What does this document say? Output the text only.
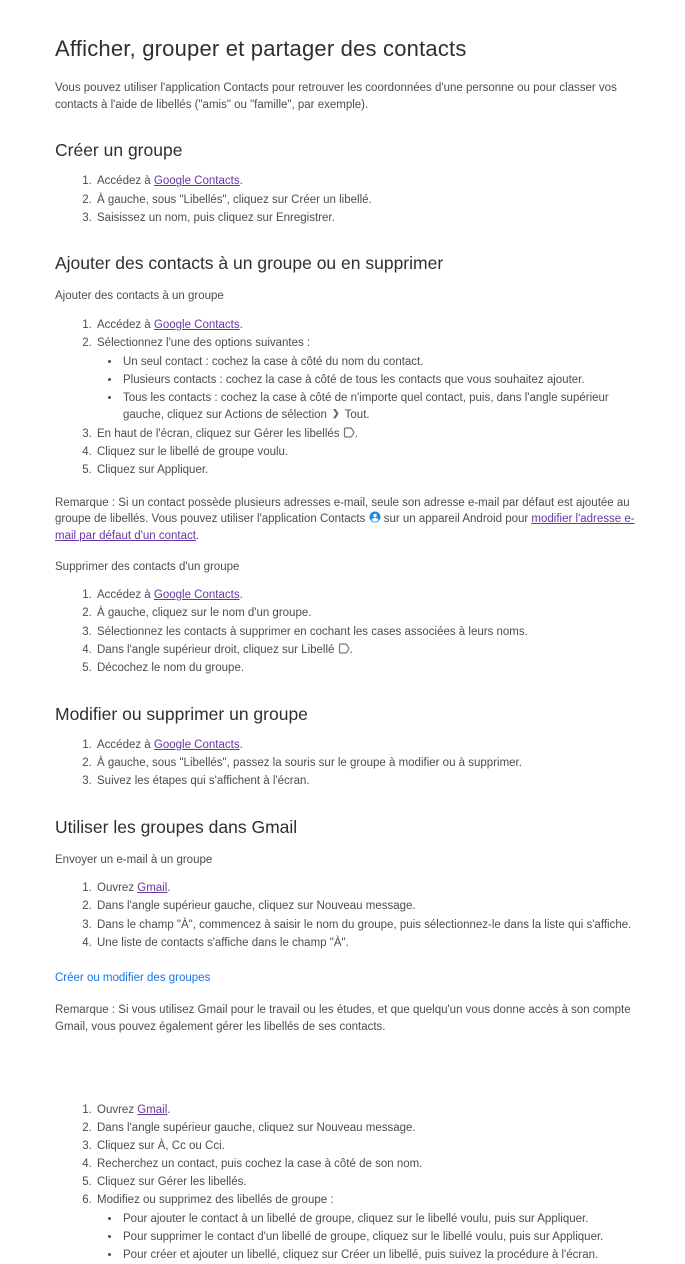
Afficher, grouper et partager des contacts

Vous pouvez utiliser l'application Contacts pour retrouver les coordonnées d'une personne ou pour classer vos contacts à l'aide de libellés ("amis" ou "famille", par exemple).

Créer un groupe
1. Accédez à Google Contacts.
2. À gauche, sous "Libellés", cliquez sur Créer un libellé.
3. Saisissez un nom, puis cliquez sur Enregistrer.
Ajouter des contacts à un groupe ou en supprimer

Ajouter des contacts à un groupe

1. Accédez à Google Contacts.
2. Sélectionnez l'une des options suivantes :
• Un seul contact : cochez la case à côté du nom du contact.
• Plusieurs contacts : cochez la case à côté de tous les contacts que vous souhaitez ajouter.
• Tous les contacts : cochez la case à côté de n'importe quel contact, puis, dans l'angle supérieur gauche, cliquez sur Actions de sélection ❯ Tout.
3. En haut de l'écran, cliquez sur Gérer les libellés .
4. Cliquez sur le libellé de groupe voulu.
5. Cliquez sur Appliquer.

Remarque : Si un contact possède plusieurs adresses e-mail, seule son adresse e-mail par défaut est ajoutée au groupe de libellés. Vous pouvez utiliser l'application Contacts  sur un appareil Android pour modifier l'adresse e-mail par défaut d'un contact.

Supprimer des contacts d'un groupe

1. Accédez à Google Contacts.
2. À gauche, cliquez sur le nom d'un groupe.
3. Sélectionnez les contacts à supprimer en cochant les cases associées à leurs noms.
4. Dans l'angle supérieur droit, cliquez sur Libellé .
5. Décochez le nom du groupe.
Modifier ou supprimer un groupe
1. Accédez à Google Contacts.
2. À gauche, sous "Libellés", passez la souris sur le groupe à modifier ou à supprimer.
3. Suivez les étapes qui s'affichent à l'écran.
Utiliser les groupes dans Gmail

Envoyer un e-mail à un groupe

1. Ouvrez Gmail.
2. Dans l'angle supérieur gauche, cliquez sur Nouveau message.
3. Dans le champ "À", commencez à saisir le nom du groupe, puis sélectionnez-le dans la liste qui s'affiche.
4. Une liste de contacts s'affiche dans le champ "À".

Créer ou modifier des groupes

Remarque : Si vous utilisez Gmail pour le travail ou les études, et que quelqu'un vous donne accès à son compte Gmail, vous pouvez également gérer les libellés de ses contacts.

1. Ouvrez Gmail.
2. Dans l'angle supérieur gauche, cliquez sur Nouveau message.
3. Cliquez sur À, Cc ou Cci.
4. Recherchez un contact, puis cochez la case à côté de son nom.
5. Cliquez sur Gérer les libellés.
6. Modifiez ou supprimez des libellés de groupe :
• Pour ajouter le contact à un libellé de groupe, cliquez sur le libellé voulu, puis sur Appliquer.
• Pour supprimer le contact d'un libellé de groupe, cliquez sur le libellé voulu, puis sur Appliquer.
• Pour créer et ajouter un libellé, cliquez sur Créer un libellé, puis suivez la procédure à l'écran.
